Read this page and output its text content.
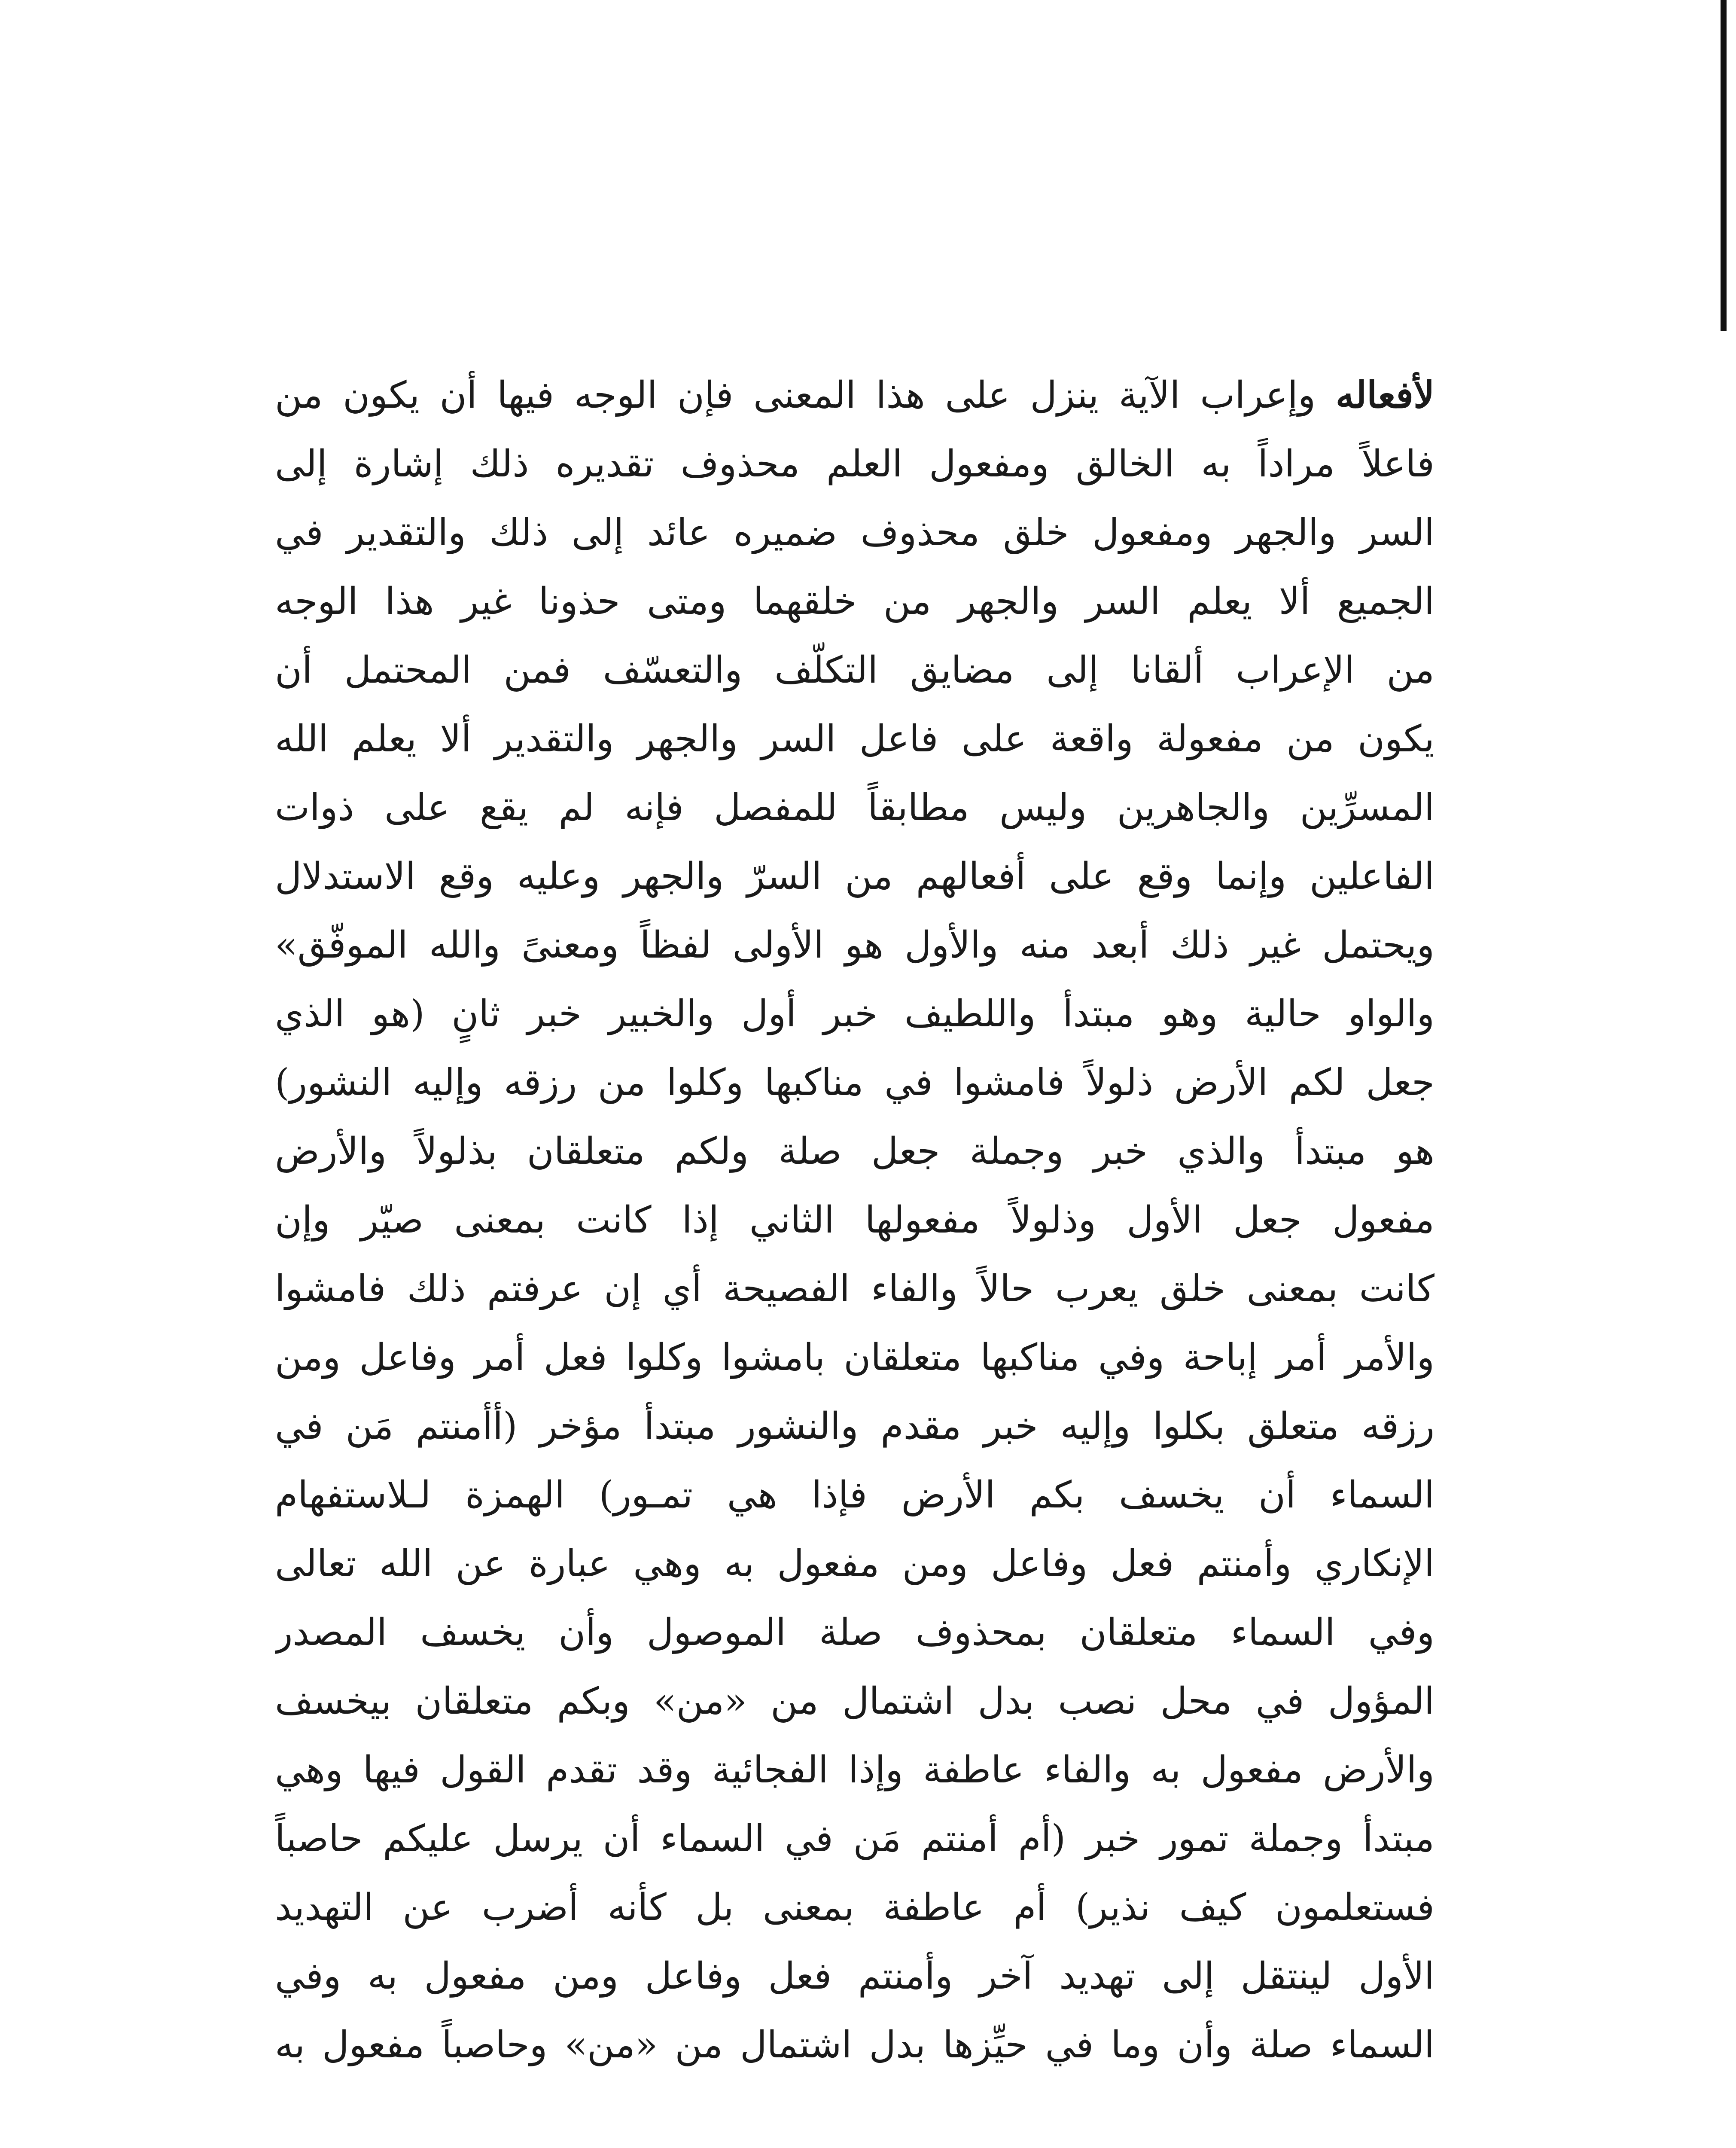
لأفعاله وإعراب الآية ينزل على هذا المعنى فإن الوجه فيها أن يكون من
فاعلاً مراداً به الخالق ومفعول العلم محذوف تقديره ذلك إشارة إلى
السر والجهر ومفعول خلق محذوف ضميره عائد إلى ذلك والتقدير في
الجميع ألا يعلم السر والجهر من خلقهما ومتى حذونا غير هذا الوجه
من الإعراب ألقانا إلى مضايق التكلّف والتعسّف فمن المحتمل أن
يكون من مفعولة واقعة على فاعل السر والجهر والتقدير ألا يعلم الله
المسرِّين والجاهرين وليس مطابقاً للمفصل فإنه لم يقع على ذوات
الفاعلين وإنما وقع على أفعالهم من السرّ والجهر وعليه وقع الاستدلال
ويحتمل غير ذلك أبعد منه والأول هو الأولى لفظاً ومعنىً والله الموفّق»
والواو حالية وهو مبتدأ واللطيف خبر أول والخبير خبر ثانٍ (هو الذي
جعل لكم الأرض ذلولاً فامشوا في مناكبها وكلوا من رزقه وإليه النشور)
هو مبتدأ والذي خبر وجملة جعل صلة ولكم متعلقان بذلولاً والأرض
مفعول جعل الأول وذلولاً مفعولها الثاني إذا كانت بمعنى صيّر وإن
كانت بمعنى خلق يعرب حالاً والفاء الفصيحة أي إن عرفتم ذلك فامشوا
والأمر أمر إباحة وفي مناكبها متعلقان بامشوا وكلوا فعل أمر وفاعل ومن
رزقه متعلق بكلوا وإليه خبر مقدم والنشور مبتدأ مؤخر (أأمنتم مَن في
السماء أن يخسف بكم الأرض فإذا هي تمـور) الهمزة لـلاستفهام
الإنكاري وأمنتم فعل وفاعل ومن مفعول به وهي عبارة عن الله تعالى
وفي السماء متعلقان بمحذوف صلة الموصول وأن يخسف المصدر
المؤول في محل نصب بدل اشتمال من «من» وبكم متعلقان بيخسف
والأرض مفعول به والفاء عاطفة وإذا الفجائية وقد تقدم القول فيها وهي
مبتدأ وجملة تمور خبر (أم أمنتم مَن في السماء أن يرسل عليكم حاصباً
فستعلمون كيف نذير) أم عاطفة بمعنى بل كأنه أضرب عن التهديد
الأول لينتقل إلى تهديد آخر وأمنتم فعل وفاعل ومن مفعول به وفي
السماء صلة وأن وما في حيِّزها بدل اشتمال من «من» وحاصباً مفعول به
